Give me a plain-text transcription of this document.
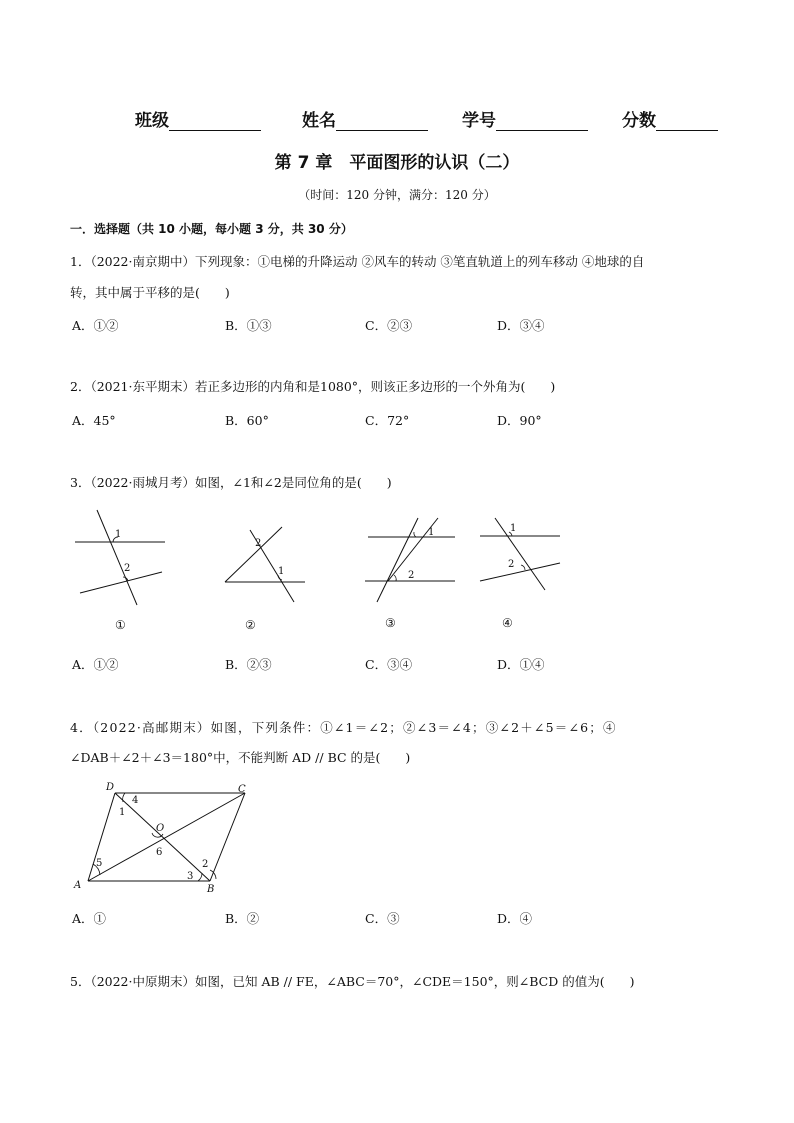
班级	姓名	学号	分数
第 7 章　平面图形的认识（二）
（时间：120 分钟，满分：120 分）
一．选择题（共 10 小题，每小题 3 分，共 30 分）
1．（2022·南京期中）下列现象：①电梯的升降运动 ②风车的转动 ③笔直轨道上的列车移动 ④地球的自
转，其中属于平移的是(　　)
A．①②	B．①③	C．②③	D．③④
2．（2021·东平期末）若正多边形的内角和是1080°，则该正多边形的一个外角为(　　)
A．45°	B．60°	C．72°	D．90°
3．（2022·雨城月考）如图，∠1和∠2是同位角的是(　　)
1
2
①
2
1
②
1
2
③
1
2
④
A．①②	B．②③	C．③④	D．①④
4．（2022·高邮期末）如图，下列条件：①∠1＝∠2；②∠3＝∠4；③∠2＋∠5＝∠6；④
∠DAB＋∠2＋∠3＝180°中，不能判断 AD // BC 的是(　　)
D	C
A	B
O
1
2
3
4
5
6
A．①	B．②	C．③	D．④
5．（2022·中原期末）如图，已知 AB // FE，∠ABC＝70°，∠CDE＝150°，则∠BCD 的值为(　　)
